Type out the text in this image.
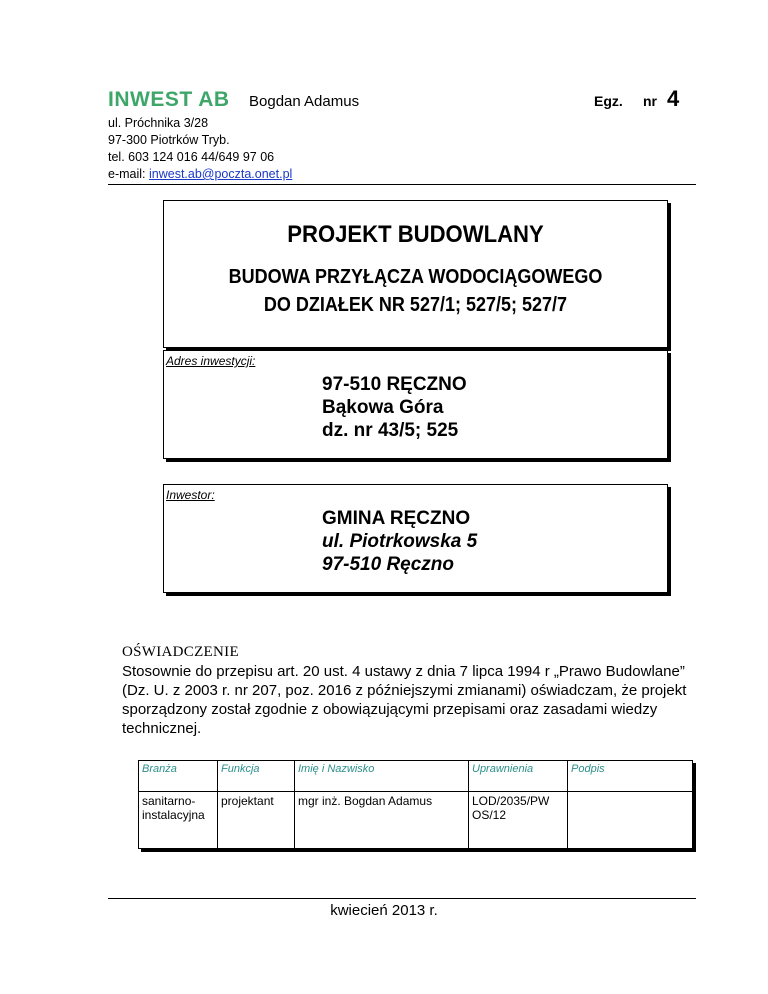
INWEST AB Bogdan Adamus	Egz. nr 4
ul. Próchnika 3/28
97-300 Piotrków Tryb.
tel. 603 124 016 44/649 97 06
e-mail: inwest.ab@poczta.onet.pl
PROJEKT BUDOWLANY
BUDOWA PRZYŁĄCZA WODOCIĄGOWEGO
DO DZIAŁEK NR 527/1; 527/5; 527/7
Adres inwestycji:
97-510 RĘCZNO
Bąkowa Góra
dz. nr 43/5; 525
Inwestor:
GMINA RĘCZNO
ul. Piotrkowska 5
97-510 Ręczno
OŚWIADCZENIE
Stosownie do przepisu art. 20 ust. 4 ustawy z dnia 7 lipca 1994 r „Prawo Budowlane” (Dz. U. z 2003 r. nr 207, poz. 2016 z późniejszymi zmianami) oświadczam, że projekt sporządzony został zgodnie z obowiązującymi przepisami oraz zasadami wiedzy technicznej.
Branża	Funkcja	Imię i Nazwisko	Uprawnienia	Podpis
sanitarno-instalacyjna	projektant	mgr inż. Bogdan Adamus	LOD/2035/PW OS/12	
kwiecień 2013 r.
